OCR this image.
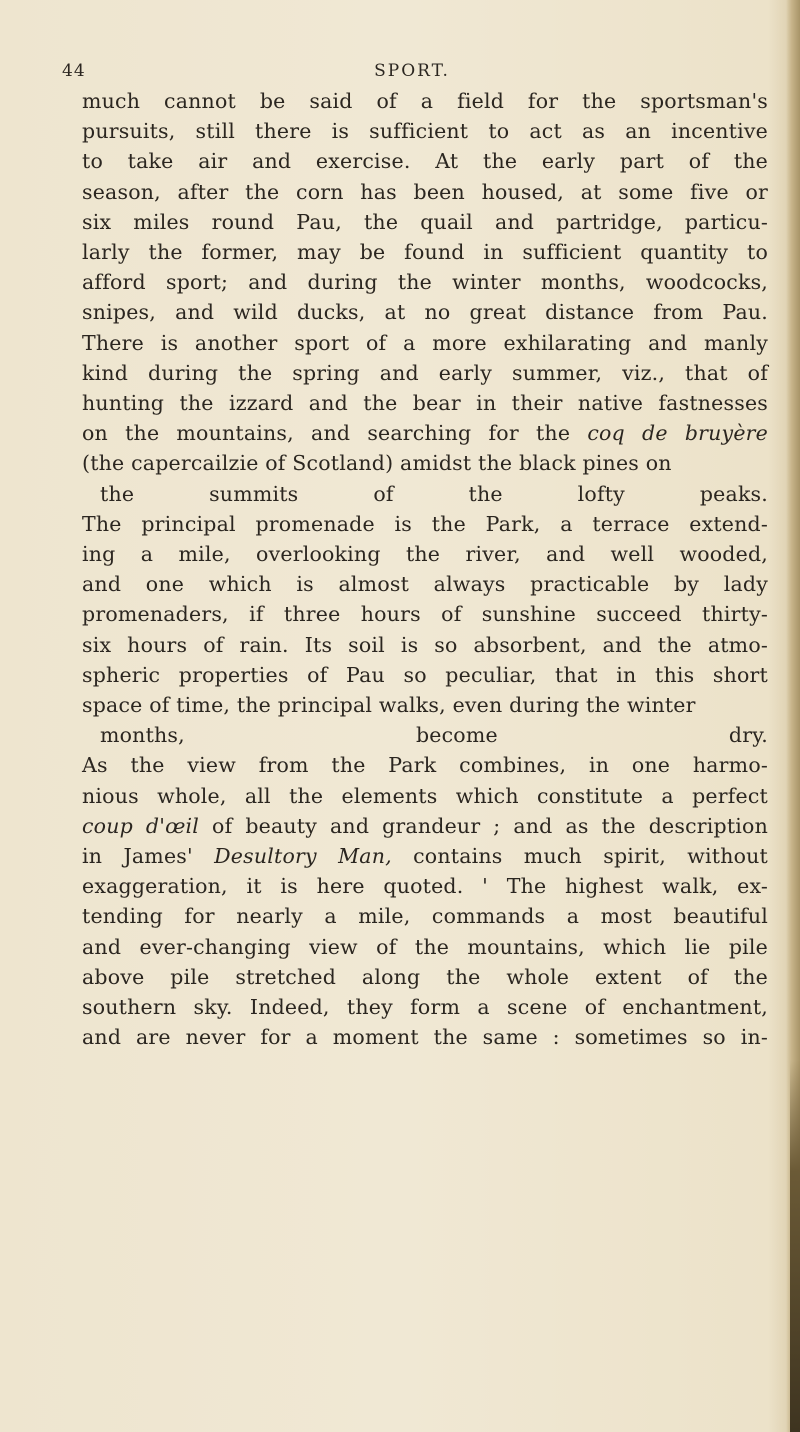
44	SPORT.
much cannot be said of a field for the sportsman's
pursuits, still there is sufficient to act as an incentive
to take air and exercise. At the early part of the
season, after the corn has been housed, at some five or
six miles round Pau, the quail and partridge, particu-
larly the former, may be found in sufficient quantity to
afford sport; and during the winter months, woodcocks,
snipes, and wild ducks, at no great distance from Pau.
There is another sport of a more exhilarating and manly
kind during the spring and early summer, viz., that of
hunting the izzard and the bear in their native fastnesses
on the mountains, and searching for the coq de bruyère
(the capercailzie of Scotland) amidst the black pines on
the summits of the lofty peaks.
The principal promenade is the Park, a terrace extend-
ing a mile, overlooking the river, and well wooded,
and one which is almost always practicable by lady
promenaders, if three hours of sunshine succeed thirty-
six hours of rain. Its soil is so absorbent, and the atmo-
spheric properties of Pau so peculiar, that in this short
space of time, the principal walks, even during the winter
months, become dry.
As the view from the Park combines, in one harmo-
nious whole, all the elements which constitute a perfect
coup d'œil of beauty and grandeur ; and as the description
in James' Desultory Man, contains much spirit, without
exaggeration, it is here quoted. ' The highest walk, ex-
tending for nearly a mile, commands a most beautiful
and ever-changing view of the mountains, which lie pile
above pile stretched along the whole extent of the
southern sky. Indeed, they form a scene of enchantment,
and are never for a moment the same : sometimes so in-
